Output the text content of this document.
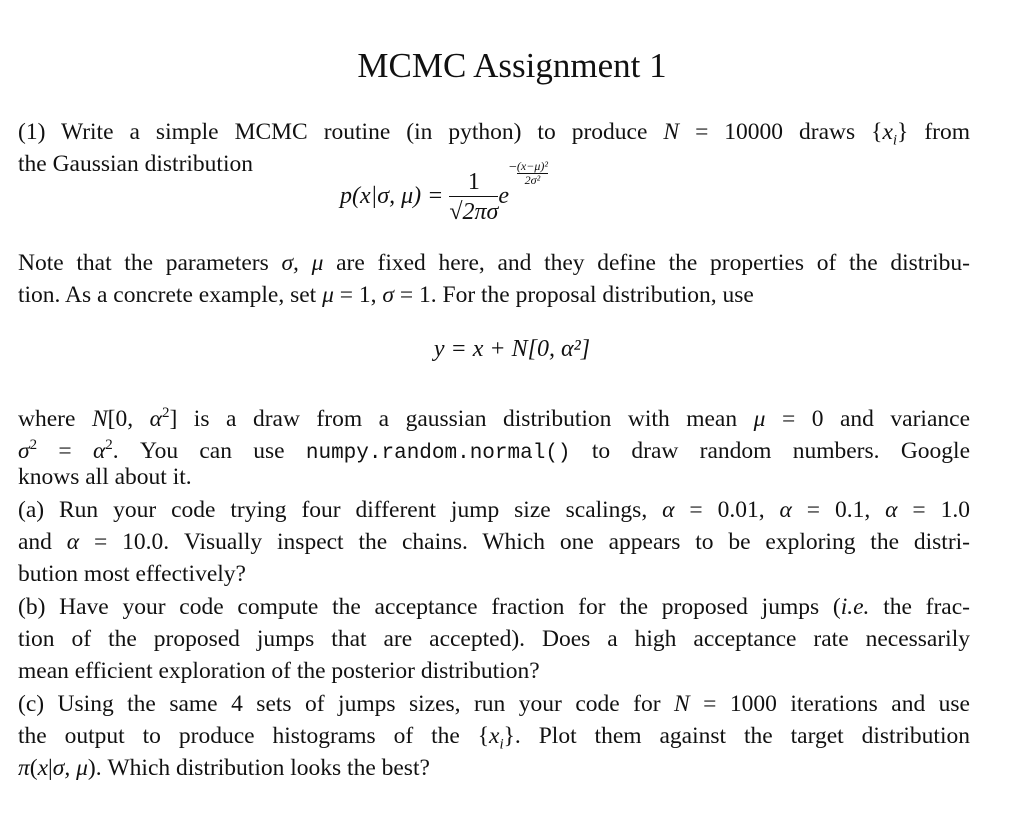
MCMC Assignment 1
(1) Write a simple MCMC routine (in python) to produce N = 10000 draws $\{x_i\}$ from
the Gaussian distribution
Note that the parameters σ, μ are fixed here, and they define the properties of the distribu-
tion. As a concrete example, set μ = 1, σ = 1. For the proposal distribution, use
where N[0, $\alpha^2$] is a draw from a gaussian distribution with mean μ = 0 and variance
$\sigma^2 = \alpha^2$. You can use numpy.random.normal() to draw random numbers. Google
knows all about it.
(a) Run your code trying four different jump size scalings, α = 0.01, α = 0.1, α = 1.0
and α = 10.0. Visually inspect the chains. Which one appears to be exploring the distri-
bution most effectively?
(b) Have your code compute the acceptance fraction for the proposed jumps (i.e. the frac-
tion of the proposed jumps that are accepted). Does a high acceptance rate necessarily
mean efficient exploration of the posterior distribution?
(c) Using the same 4 sets of jumps sizes, run your code for N = 1000 iterations and use
the output to produce histograms of the $\{x_i\}$. Plot them against the target distribution
π(x|σ, μ). Which distribution looks the best?
p(x|σ, $\mu) = \frac{1}{√2\pi\sigma} e^- \frac{\text{(x−μ)²}}{\text{2σ²}}$
y = x + N[0, α²]
